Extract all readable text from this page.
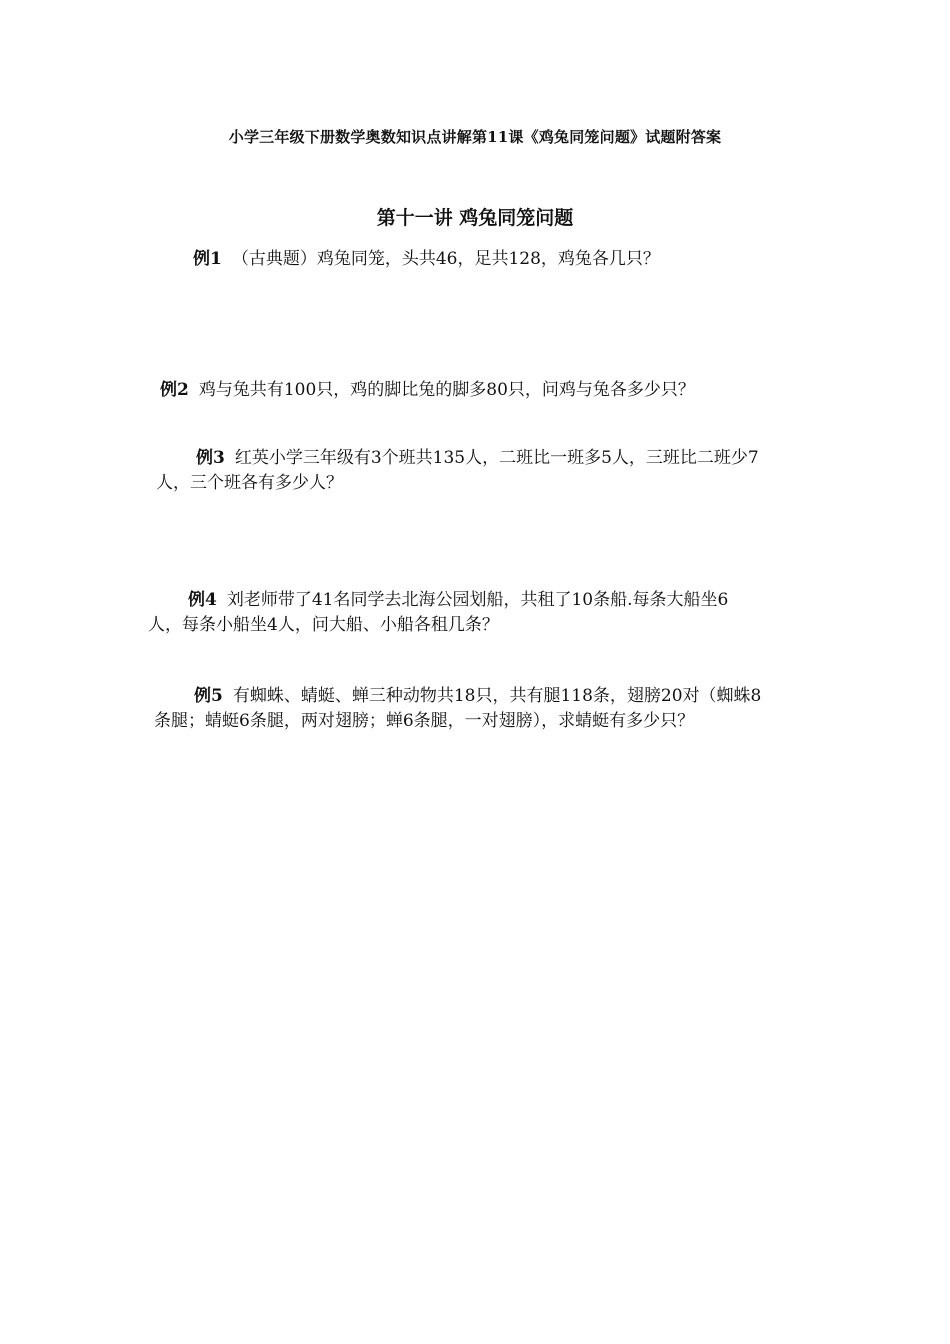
小学三年级下册数学奥数知识点讲解第11课《鸡兔同笼问题》试题附答案
第十一讲 鸡兔同笼问题
例1 （古典题）鸡兔同笼，头共46，足共128，鸡兔各几只？
例2 鸡与兔共有100只，鸡的脚比兔的脚多80只，问鸡与兔各多少只？
例3 红英小学三年级有3个班共135人，二班比一班多5人，三班比二班少7
人，三个班各有多少人？
例4 刘老师带了41名同学去北海公园划船，共租了10条船.每条大船坐6
人，每条小船坐4人，问大船、小船各租几条？
例5 有蜘蛛、蜻蜓、蝉三种动物共18只，共有腿118条，翅膀20对（蜘蛛8
条腿；蜻蜓6条腿，两对翅膀；蝉6条腿，一对翅膀），求蜻蜓有多少只？
